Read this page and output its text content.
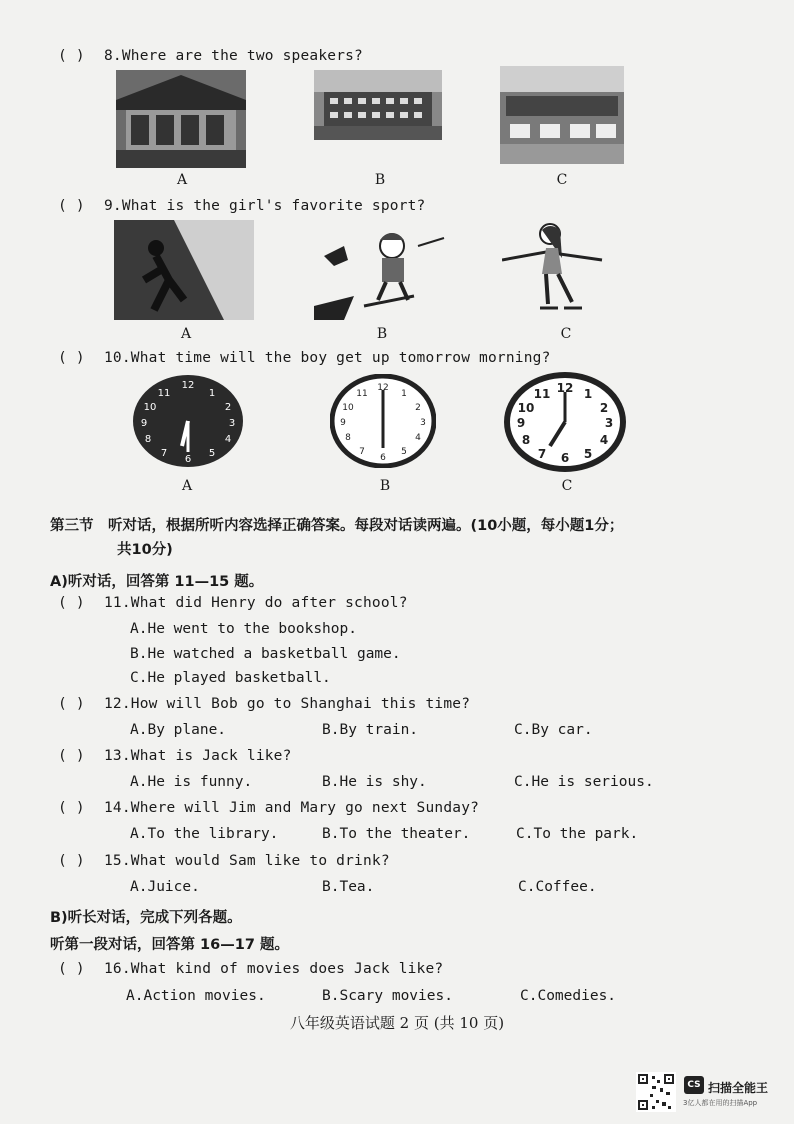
( ) 8.Where are the two speakers?
A	B	C
( ) 9.What is the girl's favorite sport?
A	B	C
( ) 10.What time will the boy get up tomorrow morning?
12
1
2
3
4
5
6
7
8
9
10
11	12
1
2
3
4
5
6
7
8
9
10
11	12 1
2
3
4
5
6
7
8
9
10
11
A	B	C
第三节　听对话，根据所听内容选择正确答案。每段对话读两遍。(10小题，每小题1分；
共10分)
A)听对话，回答第 11—15 题。
( ) 11.What did Henry do after school?
A.He went to the bookshop.
B.He watched a basketball game.
C.He played basketball.
( ) 12.How will Bob go to Shanghai this time?
A.By plane.	B.By train.	C.By car.
( ) 13.What is Jack like?
A.He is funny.	B.He is shy.	C.He is serious.
( ) 14.Where will Jim and Mary go next Sunday?
A.To the library.	B.To the theater.	C.To the park.
( ) 15.What would Sam like to drink?
A.Juice.	B.Tea.	C.Coffee.
B)听长对话，完成下列各题。
听第一段对话，回答第 16—17 题。
( ) 16.What kind of movies does Jack like?
A.Action movies.	B.Scary movies.	C.Comedies.
八年级英语试题 2 页 (共 10 页)
CS 扫描全能王
3亿人都在用的扫描App
